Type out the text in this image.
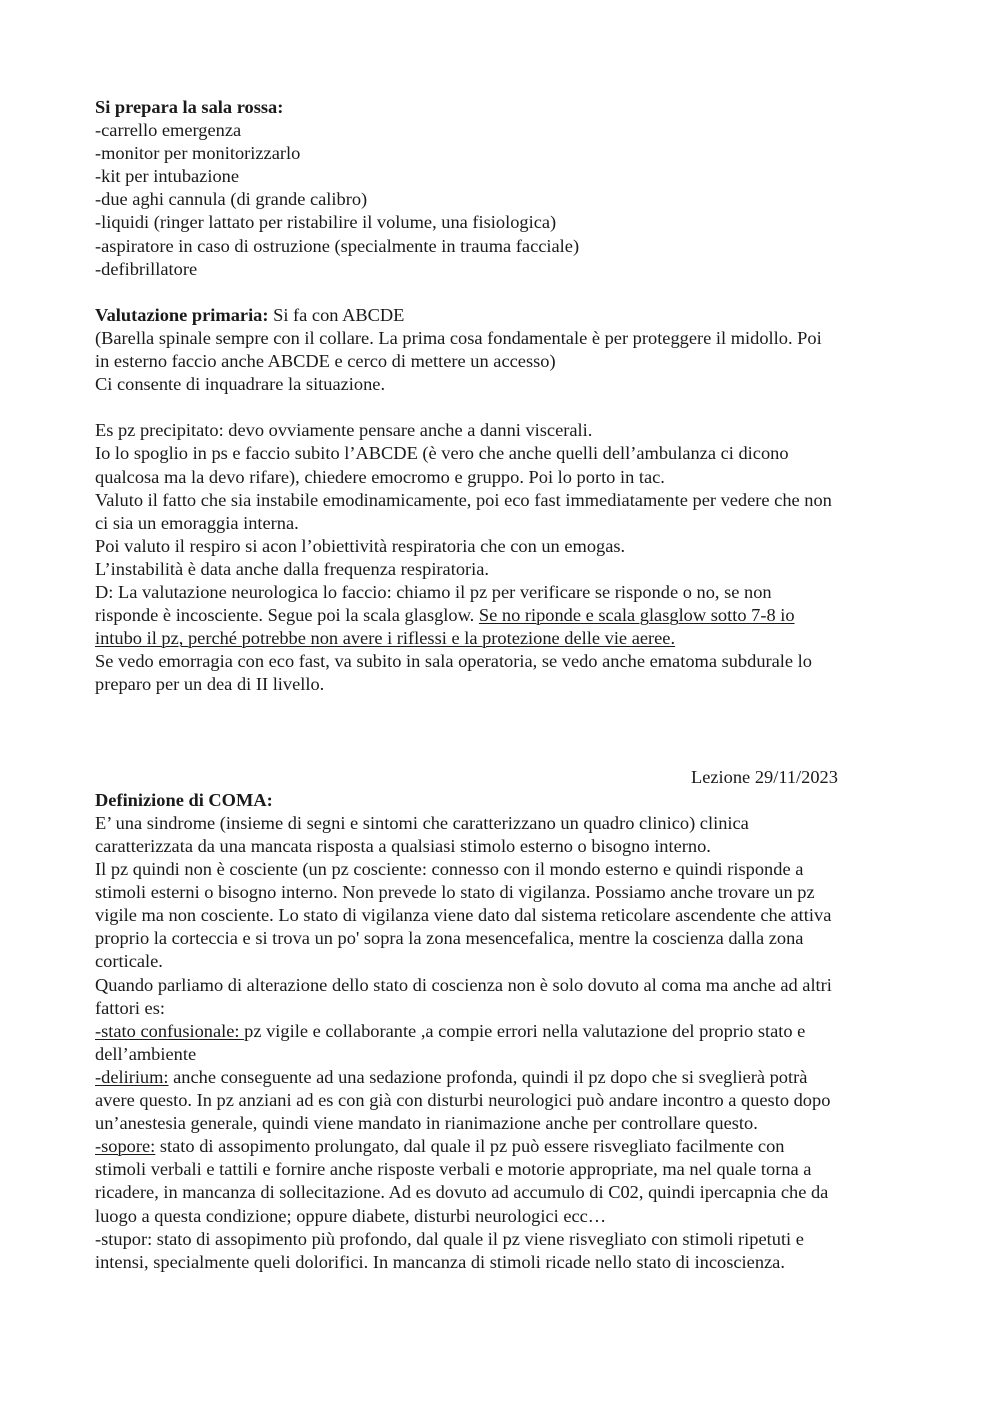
Si prepara la sala rossa:
-carrello emergenza
-monitor per monitorizzarlo
-kit per intubazione
-due aghi cannula (di grande calibro)
-liquidi (ringer lattato per ristabilire il volume, una fisiologica)
-aspiratore in caso di ostruzione (specialmente in trauma facciale)
-defibrillatore
Valutazione primaria: Si fa con ABCDE
(Barella spinale sempre con il collare. La prima cosa fondamentale è per proteggere il midollo. Poi
in esterno faccio anche ABCDE e cerco di mettere un accesso)
Ci consente di inquadrare la situazione.
Es pz precipitato: devo ovviamente pensare anche a danni viscerali.
Io lo spoglio in ps e faccio subito l’ABCDE (è vero che anche quelli dell’ambulanza ci dicono
qualcosa ma la devo rifare), chiedere emocromo e gruppo. Poi lo porto in tac.
Valuto il fatto che sia instabile emodinamicamente, poi eco fast immediatamente per vedere che non
ci sia un emoraggia interna.
Poi valuto il respiro si acon l’obiettività respiratoria che con un emogas.
L’instabilità è data anche dalla frequenza respiratoria.
D: La valutazione neurologica lo faccio: chiamo il pz per verificare se risponde o no, se non
risponde è incosciente. Segue poi la scala glasglow. Se no riponde e scala glasglow sotto 7-8 io
intubo il pz, perché potrebbe non avere i riflessi e la protezione delle vie aeree.
Se vedo emorragia con eco fast, va subito in sala operatoria, se vedo anche ematoma subdurale lo
preparo per un dea di II livello.
Lezione 29/11/2023
Definizione di COMA:
E’ una sindrome (insieme di segni e sintomi che caratterizzano un quadro clinico) clinica
caratterizzata da una mancata risposta a qualsiasi stimolo esterno o bisogno interno.
Il pz quindi non è cosciente (un pz cosciente: connesso con il mondo esterno e quindi risponde a
stimoli esterni o bisogno interno. Non prevede lo stato di vigilanza. Possiamo anche trovare un pz
vigile ma non cosciente. Lo stato di vigilanza viene dato dal sistema reticolare ascendente che attiva
proprio la corteccia e si trova un po' sopra la zona mesencefalica, mentre la coscienza dalla zona
corticale.
Quando parliamo di alterazione dello stato di coscienza non è solo dovuto al coma ma anche ad altri
fattori es:
-stato confusionale: pz vigile e collaborante ,a compie errori nella valutazione del proprio stato e
dell’ambiente
-delirium: anche conseguente ad una sedazione profonda, quindi il pz dopo che si sveglierà potrà
avere questo. In pz anziani ad es con già con disturbi neurologici può andare incontro a questo dopo
un’anestesia generale, quindi viene mandato in rianimazione anche per controllare questo.
-sopore: stato di assopimento prolungato, dal quale il pz può essere risvegliato facilmente con
stimoli verbali e tattili e fornire anche risposte verbali e motorie appropriate, ma nel quale torna a
ricadere, in mancanza di sollecitazione. Ad es dovuto ad accumulo di C02, quindi ipercapnia che da
luogo a questa condizione; oppure diabete, disturbi neurologici ecc…
-stupor: stato di assopimento più profondo, dal quale il pz viene risvegliato con stimoli ripetuti e
intensi, specialmente queli dolorifici. In mancanza di stimoli ricade nello stato di incoscienza.
